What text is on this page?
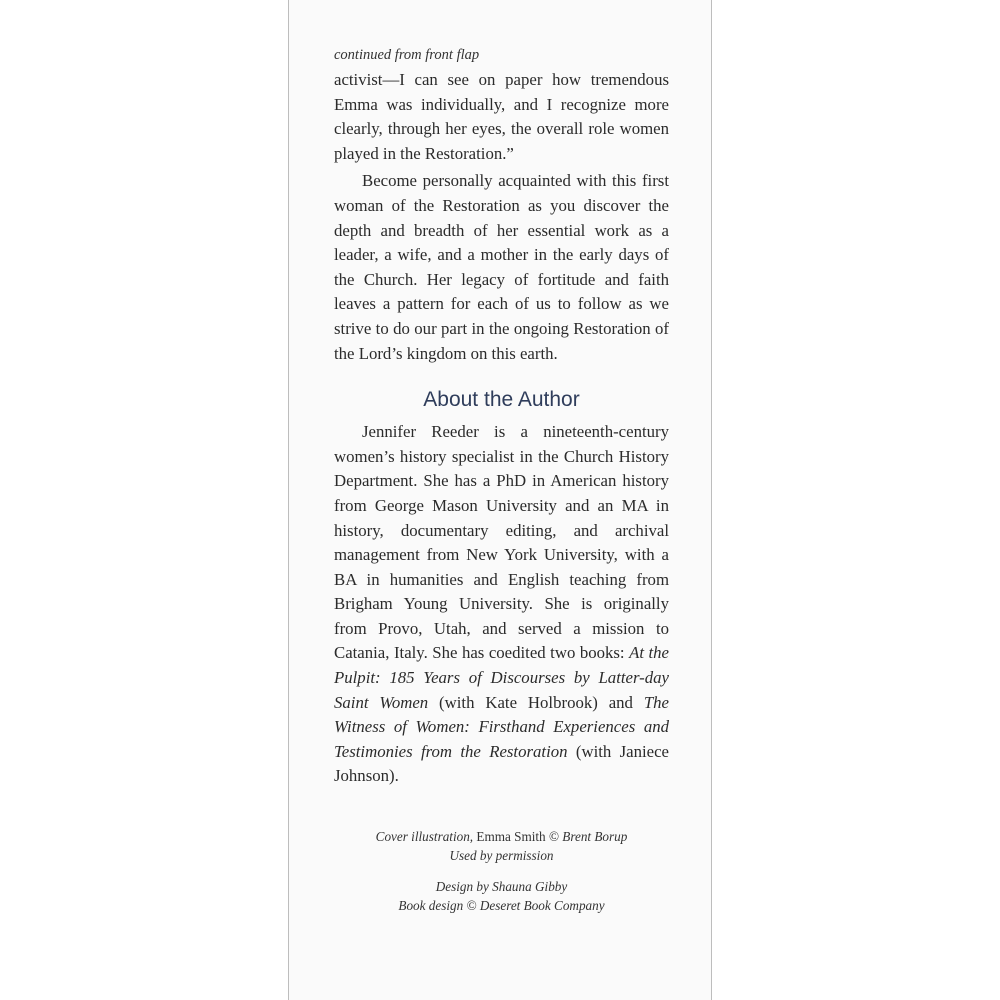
continued from front flap

activist—I can see on paper how tremendous Emma was individually, and I recognize more clearly, through her eyes, the overall role women played in the Restoration.”

Become personally acquainted with this first woman of the Restoration as you discover the depth and breadth of her essential work as a leader, a wife, and a mother in the early days of the Church. Her legacy of fortitude and faith leaves a pattern for each of us to follow as we strive to do our part in the ongoing Restoration of the Lord’s kingdom on this earth.

About the Author

Jennifer Reeder is a nineteenth-century women’s history specialist in the Church History Department. She has a PhD in American history from George Mason University and an MA in history, documentary editing, and archival management from New York University, with a BA in humanities and English teaching from Brigham Young University. She is originally from Provo, Utah, and served a mission to Catania, Italy. She has coedited two books: At the Pulpit: 185 Years of Discourses by Latter-day Saint Women (with Kate Holbrook) and The Witness of Women: Firsthand Experiences and Testimonies from the Restoration (with Janiece Johnson).

Cover illustration, Emma Smith © Brent Borup
Used by permission
Design by Shauna Gibby
Book design © Deseret Book Company
